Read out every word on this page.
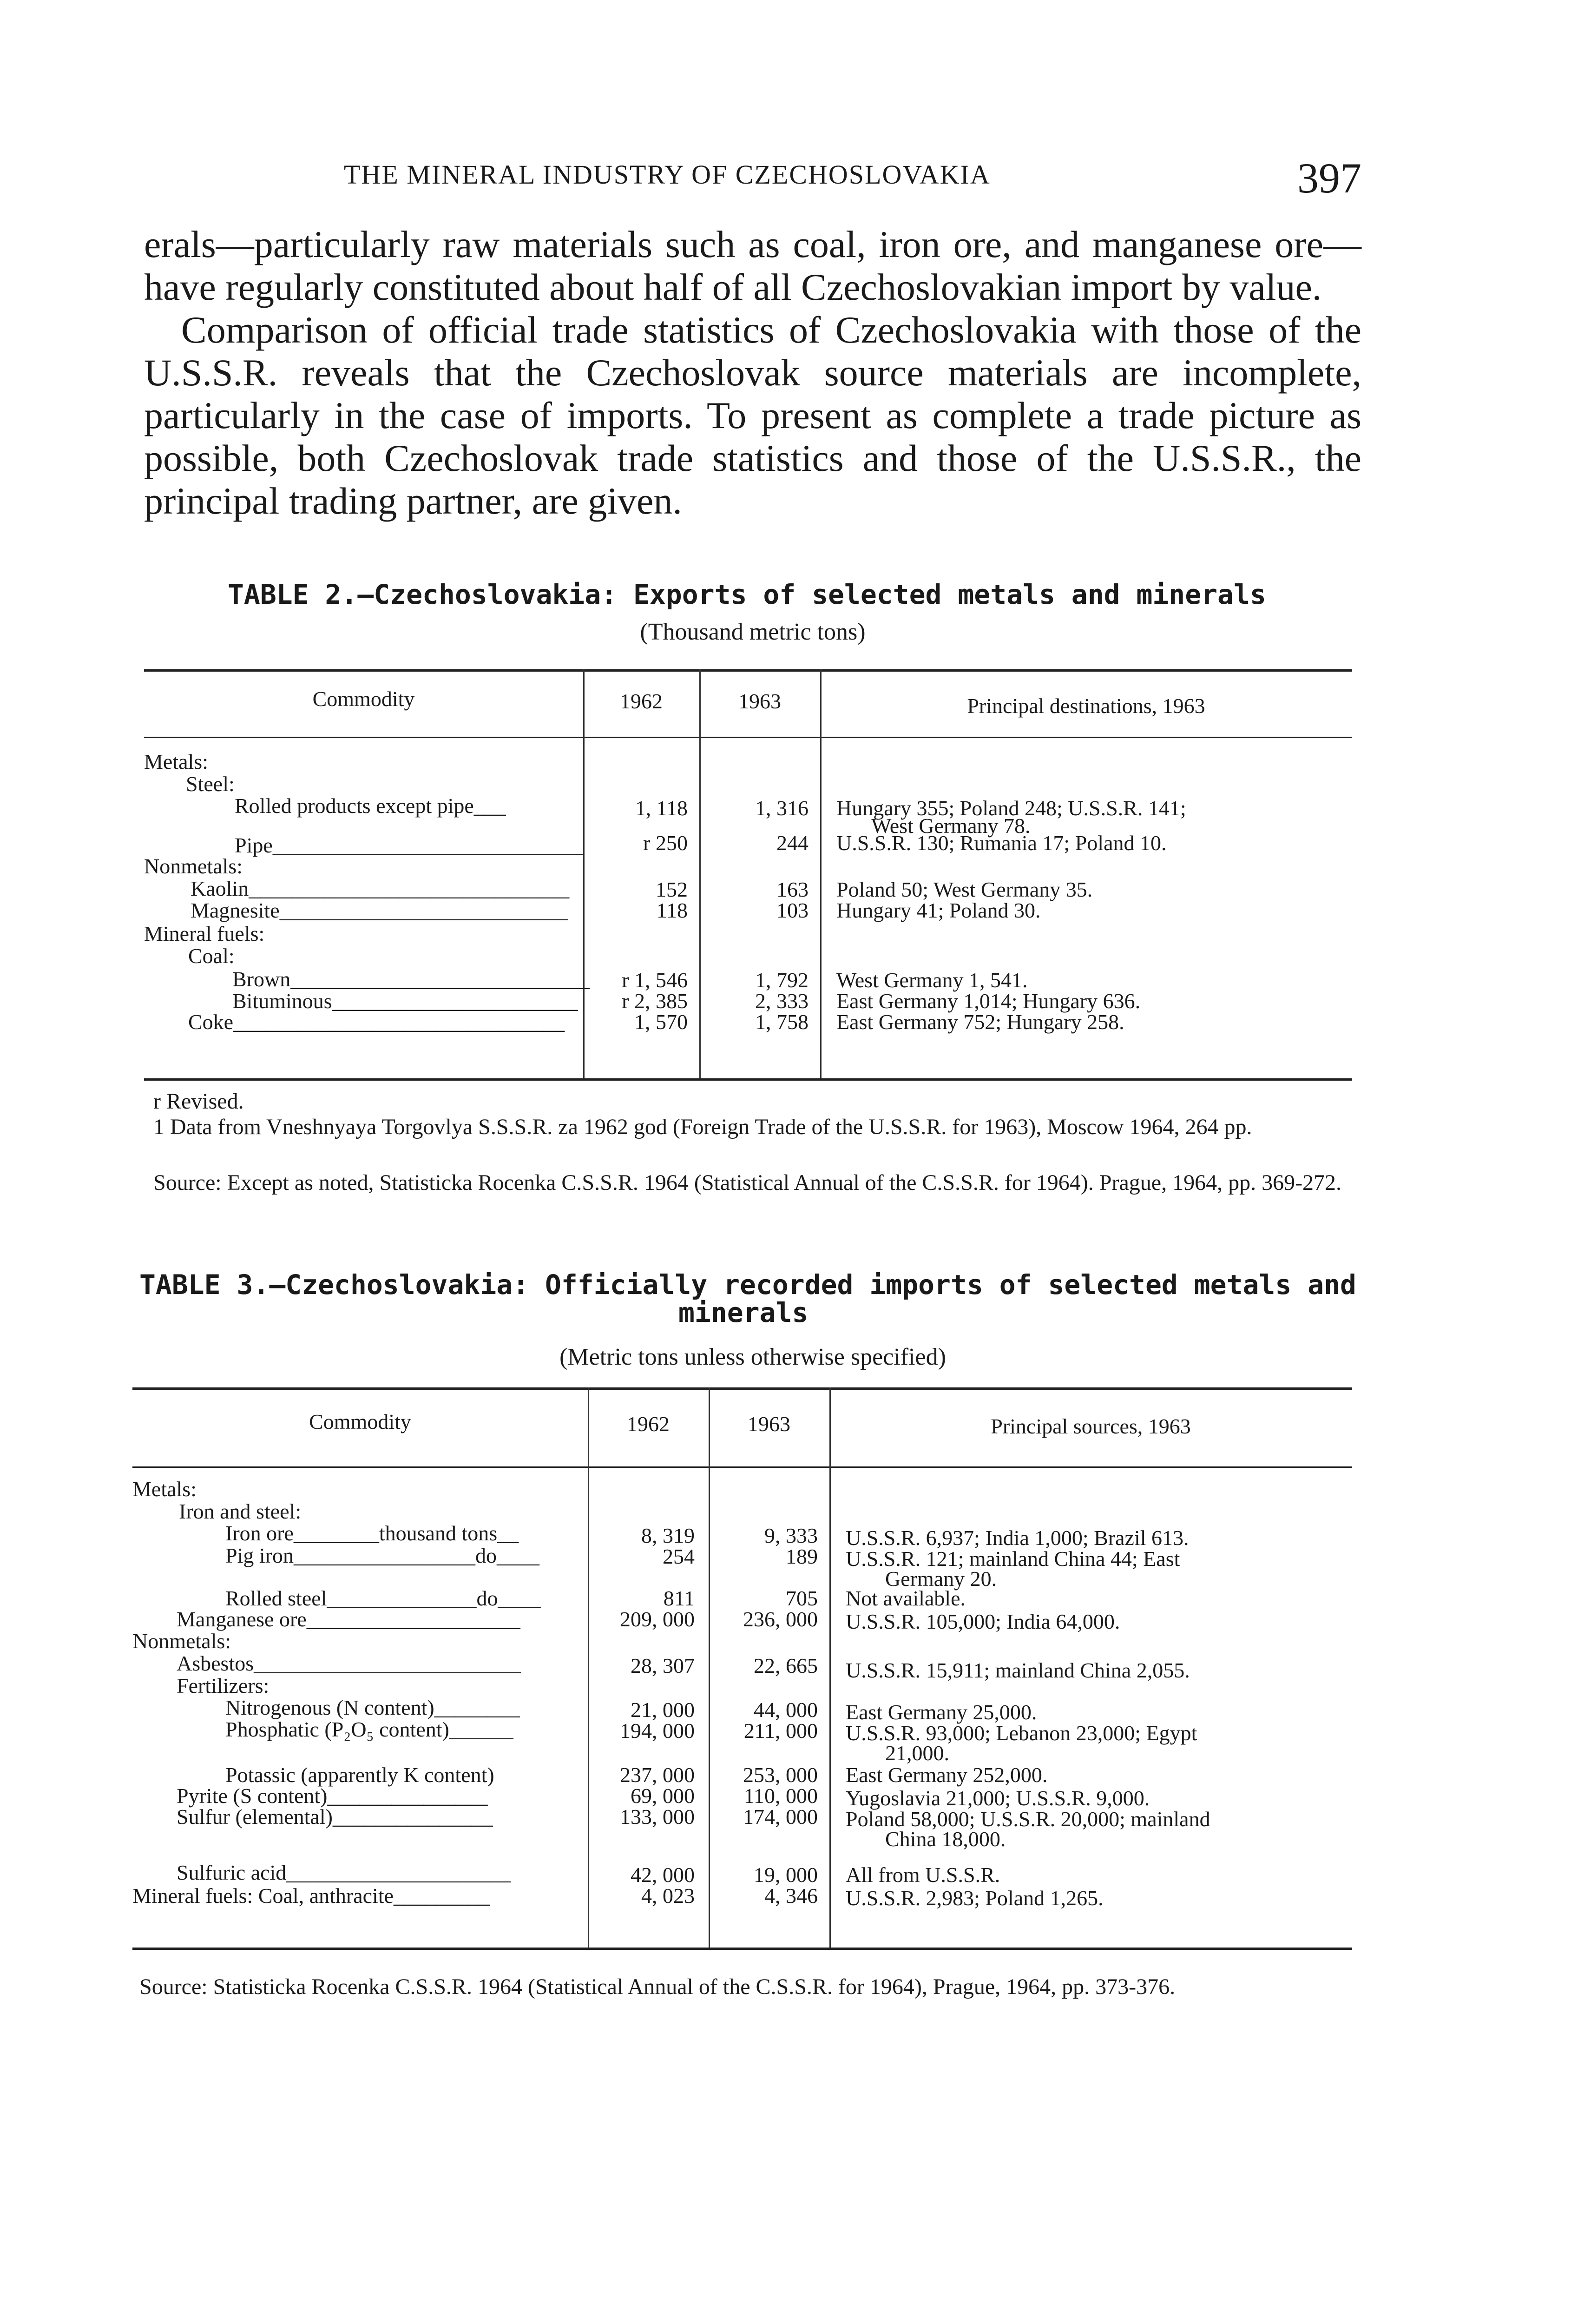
THE MINERAL INDUSTRY OF CZECHOSLOVAKIA	397

erals—particularly raw materials such as coal, iron ore, and manganese ore—have regularly constituted about half of all Czechoslovakian import by value.

Comparison of official trade statistics of Czechoslovakia with those of the U.S.S.R. reveals that the Czechoslovak source materials are incomplete, particularly in the case of imports. To present as complete a trade picture as possible, both Czechoslovak trade statistics and those of the U.S.S.R., the principal trading partner, are given.

TABLE 2.—Czechoslovakia: Exports of selected metals and minerals
(Thousand metric tons)
Commodity	1962	1963	Principal destinations, 1963
Metals:
Steel:
Rolled products except pipe___	1, 118	1, 316 Hungary 355; Poland 248; U.S.S.R. 141;
West Germany 78.
Pipe_____________________________	r 250	244 U.S.S.R. 130; Rumania 17; Poland 10.
Nonmetals:
Kaolin______________________________	152	163 Poland 50; West Germany 35.
Magnesite___________________________	118	103 Hungary 41; Poland 30.
Mineral fuels:
Coal:
Brown____________________________	r 1, 546	1, 792 West Germany 1, 541.
Bituminous_______________________	r 2, 385	2, 333 East Germany 1,014; Hungary 636.
Coke_______________________________	1, 570	1, 758 East Germany 752; Hungary 258.
r Revised.
1 Data from Vneshnyaya Torgovlya S.S.S.R. za 1962 god (Foreign Trade of the U.S.S.R. for 1963), Moscow 1964, 264 pp.
Source: Except as noted, Statisticka Rocenka C.S.S.R. 1964 (Statistical Annual of the C.S.S.R. for 1964). Prague, 1964, pp. 369-272.
TABLE 3.—Czechoslovakia: Officially recorded imports of selected metals and
minerals
(Metric tons unless otherwise specified)
Commodity	1962	1963	Principal sources, 1963
Metals:
Iron and steel:
Iron ore________thousand tons__	8, 319	9, 333 U.S.S.R. 6,937; India 1,000; Brazil 613.
Pig iron_________________do____	254	189 U.S.S.R. 121; mainland China 44; East
Germany 20.
Rolled steel______________do____	811	705 Not available.
Manganese ore____________________	209, 000	236, 000 U.S.S.R. 105,000; India 64,000.
Nonmetals:
Asbestos_________________________	28, 307	22, 665 U.S.S.R. 15,911; mainland China 2,055.
Fertilizers:
Nitrogenous (N content)________	21, 000	44, 000 East Germany 25,000.
Phosphatic (P₂O₅ content)______	194, 000	211, 000 U.S.S.R. 93,000; Lebanon 23,000; Egypt
21,000.
Potassic (apparently K content)	237, 000	253, 000 East Germany 252,000.
Pyrite (S content)_______________	69, 000	110, 000 Yugoslavia 21,000; U.S.S.R. 9,000.
Sulfur (elemental)_______________	133, 000	174, 000 Poland 58,000; U.S.S.R. 20,000; mainland
China 18,000.
Sulfuric acid_____________________	42, 000	19, 000 All from U.S.S.R.
Mineral fuels: Coal, anthracite_________	4, 023	4, 346 U.S.S.R. 2,983; Poland 1,265.
Source: Statisticka Rocenka C.S.S.R. 1964 (Statistical Annual of the C.S.S.R. for 1964), Prague, 1964, pp. 373-376.
